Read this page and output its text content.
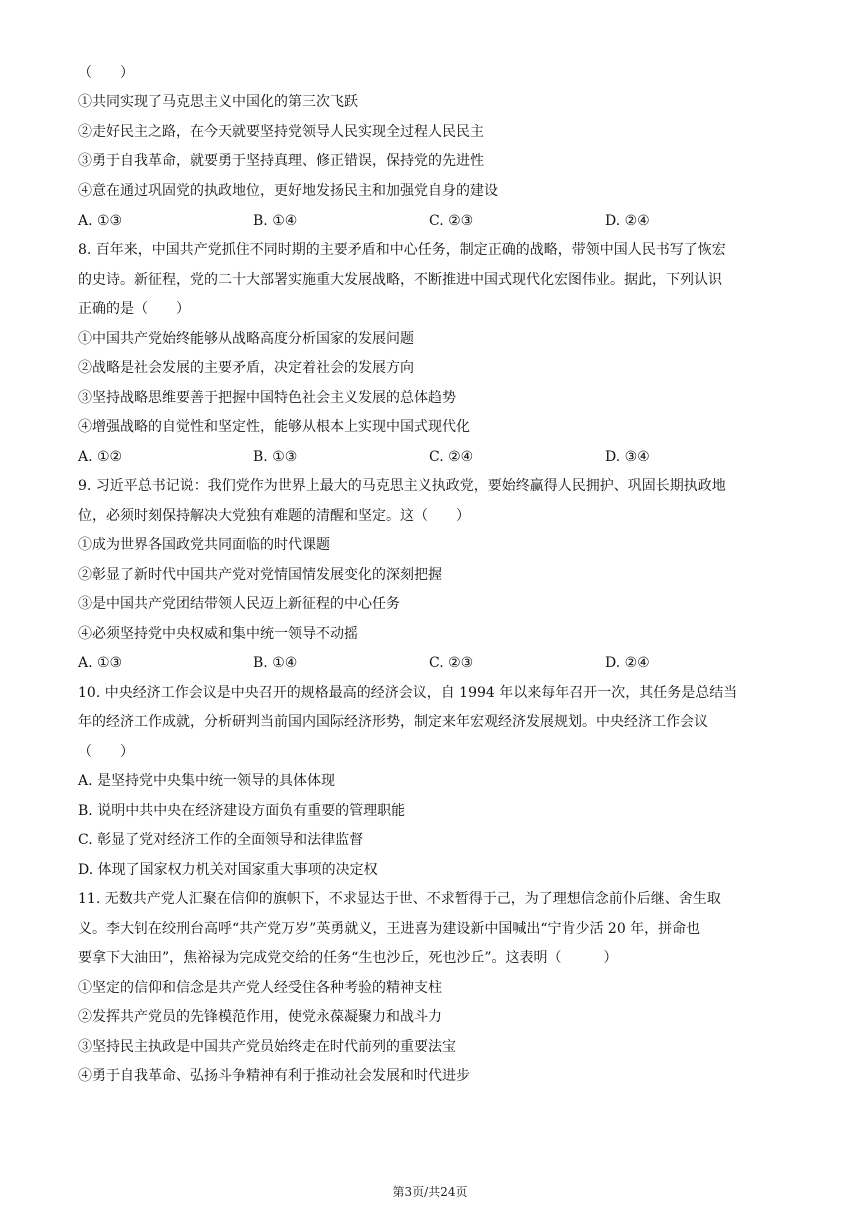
（　　）
①共同实现了马克思主义中国化的第三次飞跃
②走好民主之路，在今天就要坚持党领导人民实现全过程人民民主
③勇于自我革命，就要勇于坚持真理、修正错误，保持党的先进性
④意在通过巩固党的执政地位，更好地发扬民主和加强党自身的建设
A. ①③	B. ①④	C. ②③	D. ②④
8. 百年来，中国共产党抓住不同时期的主要矛盾和中心任务，制定正确的战略，带领中国人民书写了恢宏
的史诗。新征程，党的二十大部署实施重大发展战略，不断推进中国式现代化宏图伟业。据此，下列认识
正确的是（　　）
①中国共产党始终能够从战略高度分析国家的发展问题
②战略是社会发展的主要矛盾，决定着社会的发展方向
③坚持战略思维要善于把握中国特色社会主义发展的总体趋势
④增强战略的自觉性和坚定性，能够从根本上实现中国式现代化
A. ①②	B. ①③	C. ②④	D. ③④
9. 习近平总书记说：我们党作为世界上最大的马克思主义执政党，要始终赢得人民拥护、巩固长期执政地
位，必须时刻保持解决大党独有难题的清醒和坚定。这（　　）
①成为世界各国政党共同面临的时代课题
②彰显了新时代中国共产党对党情国情发展变化的深刻把握
③是中国共产党团结带领人民迈上新征程的中心任务
④必须坚持党中央权威和集中统一领导不动摇
A. ①③	B. ①④	C. ②③	D. ②④
10. 中央经济工作会议是中央召开的规格最高的经济会议，自 1994 年以来每年召开一次，其任务是总结当
年的经济工作成就，分析研判当前国内国际经济形势，制定来年宏观经济发展规划。中央经济工作会议
（　　）
A. 是坚持党中央集中统一领导的具体体现
B. 说明中共中央在经济建设方面负有重要的管理职能
C. 彰显了党对经济工作的全面领导和法律监督
D. 体现了国家权力机关对国家重大事项的决定权
11. 无数共产党人汇聚在信仰的旗帜下，不求显达于世、不求暂得于己，为了理想信念前仆后继、舍生取
义。李大钊在绞刑台高呼“共产党万岁”英勇就义，王进喜为建设新中国喊出“宁肯少活 20 年，拼命也
要拿下大油田”，焦裕禄为完成党交给的任务“生也沙丘，死也沙丘”。这表明（　　　）
①坚定的信仰和信念是共产党人经受住各种考验的精神支柱
②发挥共产党员的先锋模范作用，使党永葆凝聚力和战斗力
③坚持民主执政是中国共产党员始终走在时代前列的重要法宝
④勇于自我革命、弘扬斗争精神有利于推动社会发展和时代进步
第3页/共24页
